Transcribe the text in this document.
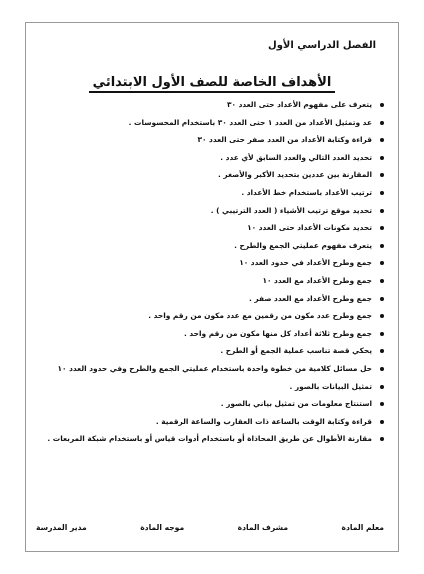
الفصل الدراسي الأول
الأهداف الخاصة للصف الأول الابتدائي
يتعرف على مفهوم الأعداد حتى العدد ٣٠
عد وتمثيل الأعداد من العدد ١ حتى العدد ٣٠ باستخدام المحسوسات .
قراءة وكتابة الأعداد من العدد صفر حتى العدد ٣٠
تحديد العدد التالي والعدد السابق لأي عدد .
المقارنة بين عددين بتحديد الأكبر والأصغر .
ترتيب الأعداد باستخدام خط الأعداد .
تحديد موقع ترتيب الأشياء ( العدد الترتيبي ) .
تحديد مكونات الأعداد حتى العدد ١٠
يتعرف مفهوم عمليتي الجمع والطرح .
جمع وطرح الأعداد في حدود العدد ١٠
جمع وطرح الأعداد مع العدد ١٠
جمع وطرح الأعداد مع العدد صفر .
جمع وطرح عدد مكون من رقمين مع عدد مكون من رقم واحد .
جمع وطرح ثلاثة أعداد كل منها مكون من رقم واحد .
يحكي قصة تناسب عملية الجمع أو الطرح .
حل مسائل كلامية من خطوة واحدة باستخدام عمليتي الجمع والطرح وفي حدود العدد ١٠
تمثيل البيانات بالصور .
استنتاج معلومات من تمثيل بياني بالصور .
قراءة وكتابة الوقت بالساعة ذات العقارب والساعة الرقمية .
مقارنة الأطوال عن طريق المحاذاة أو باستخدام أدوات قياس أو باستخدام شبكة المربعات .
مدير المدرسة	موجه المادة	مشرف المادة	معلم المادة
